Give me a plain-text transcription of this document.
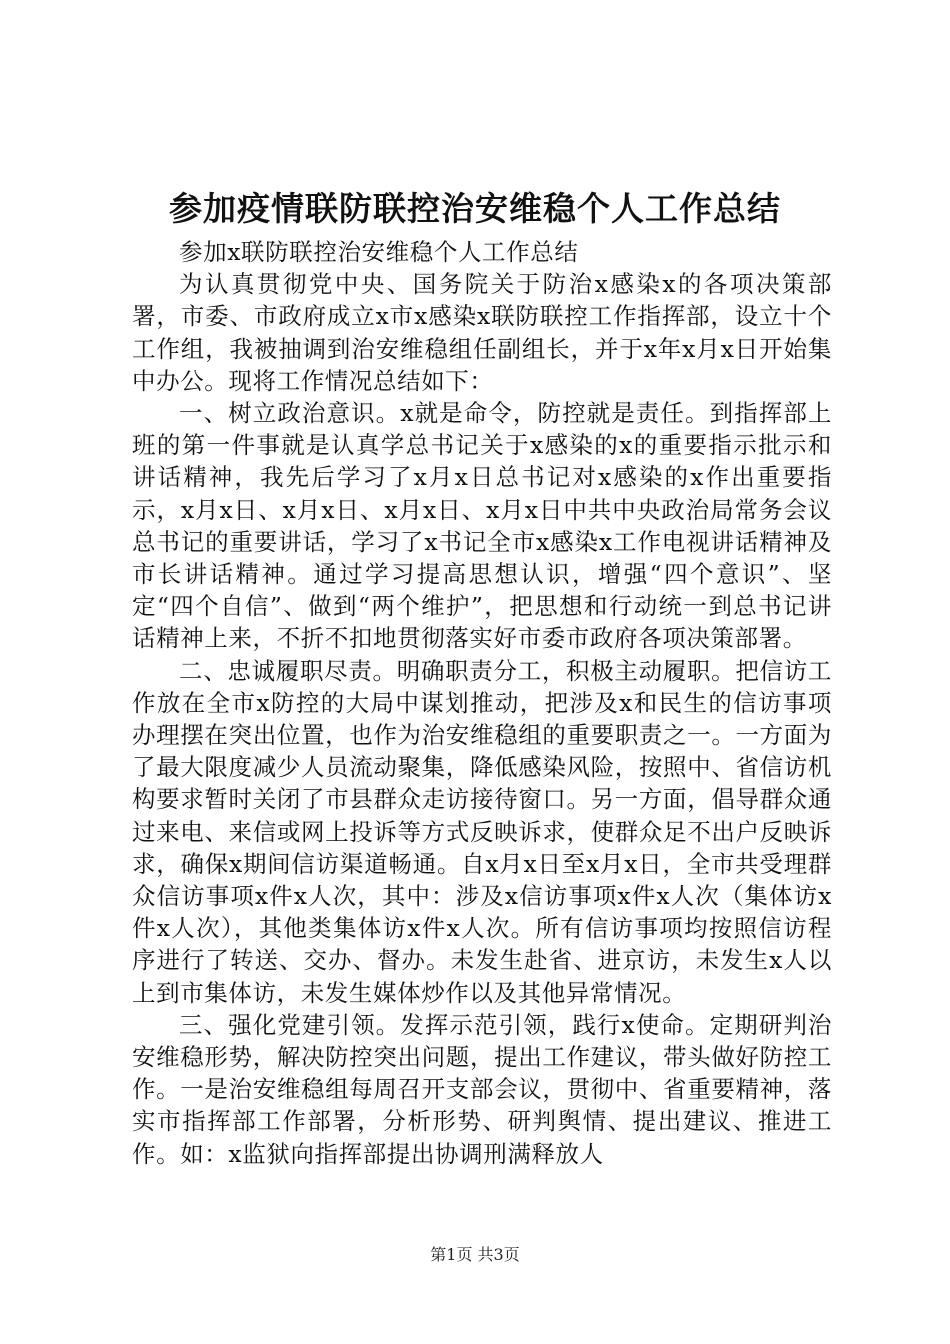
参加疫情联防联控治安维稳个人工作总结

参加x联防联控治安维稳个人工作总结

为认真贯彻党中央、国务院关于防治x感染x的各项决策部署，市委、市政府成立x市x感染x联防联控工作指挥部，设立十个工作组，我被抽调到治安维稳组任副组长，并于x年x月x日开始集中办公。现将工作情况总结如下：

一、树立政治意识。x就是命令，防控就是责任。到指挥部上班的第一件事就是认真学总书记关于x感染的x的重要指示批示和讲话精神，我先后学习了x月x日总书记对x感染的x作出重要指示，x月x日、x月x日、x月x日、x月x日中共中央政治局常务会议总书记的重要讲话，学习了x书记全市x感染x工作电视讲话精神及市长讲话精神。通过学习提高思想认识，增强“四个意识”、坚定“四个自信”、做到“两个维护”，把思想和行动统一到总书记讲话精神上来，不折不扣地贯彻落实好市委市政府各项决策部署。

二、忠诚履职尽责。明确职责分工，积极主动履职。把信访工作放在全市x防控的大局中谋划推动，把涉及x和民生的信访事项办理摆在突出位置，也作为治安维稳组的重要职责之一。一方面为了最大限度减少人员流动聚集，降低感染风险，按照中、省信访机构要求暂时关闭了市县群众走访接待窗口。另一方面，倡导群众通过来电、来信或网上投诉等方式反映诉求，使群众足不出户反映诉求，确保x期间信访渠道畅通。自x月x日至x月x日，全市共受理群众信访事项x件x人次，其中：涉及x信访事项x件x人次（集体访x件x人次），其他类集体访x件x人次。所有信访事项均按照信访程序进行了转送、交办、督办。未发生赴省、进京访，未发生x人以上到市集体访，未发生媒体炒作以及其他异常情况。

三、强化党建引领。发挥示范引领，践行x使命。定期研判治安维稳形势，解决防控突出问题，提出工作建议，带头做好防控工作。一是治安维稳组每周召开支部会议，贯彻中、省重要精神，落实市指挥部工作部署，分析形势、研判舆情、提出建议、推进工作。如：x监狱向指挥部提出协调刑满释放人

第1页 共3页
